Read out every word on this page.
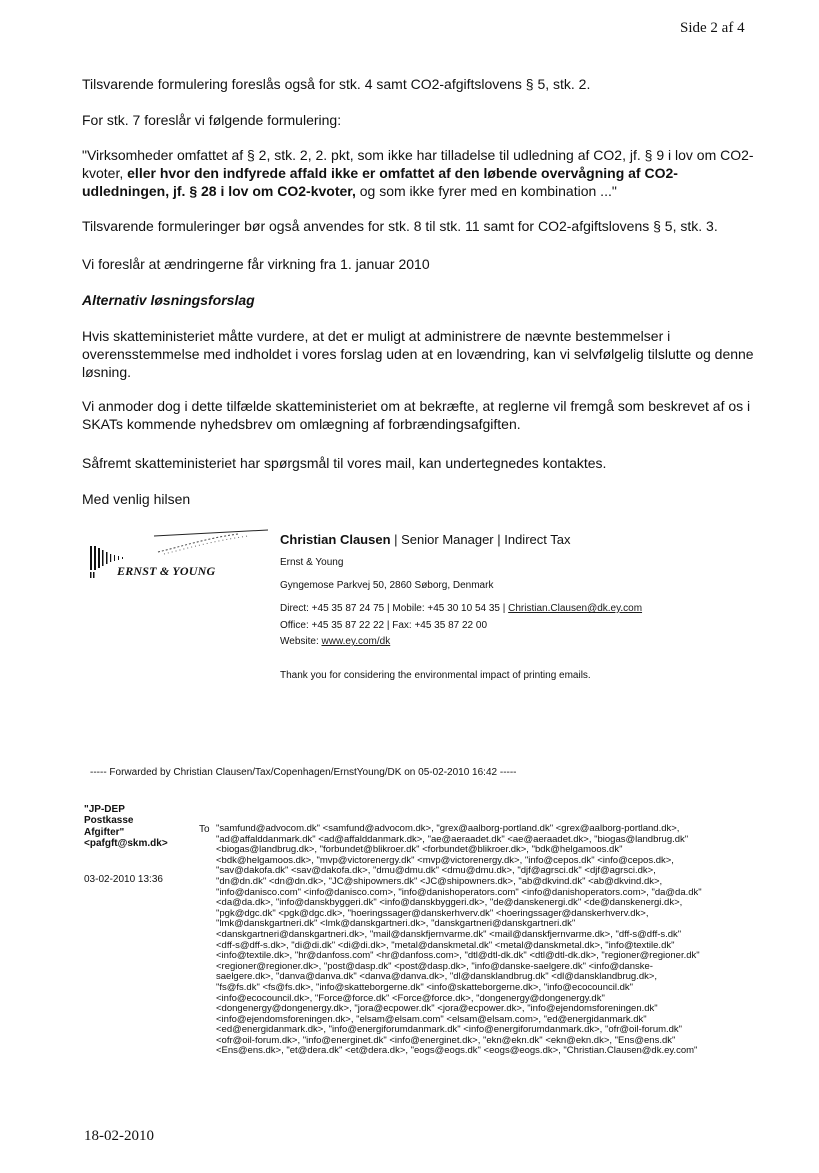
Side 2 af 4
Tilsvarende formulering foreslås også for stk. 4 samt CO2-afgiftslovens § 5, stk. 2.
For stk. 7 foreslår vi følgende formulering:
"Virksomheder omfattet af § 2, stk. 2, 2. pkt, som ikke har tilladelse til udledning af CO2, jf. § 9 i lov om CO2-kvoter, eller hvor den indfyrede affald ikke er omfattet af den løbende overvågning af CO2-udledningen, jf. § 28 i lov om CO2-kvoter, og som ikke fyrer med en kombination ..."
Tilsvarende formuleringer bør også anvendes for stk. 8 til stk. 11 samt for CO2-afgiftslovens § 5, stk. 3.
Vi foreslår at ændringerne får virkning fra 1. januar 2010
Alternativ løsningsforslag
Hvis skatteministeriet måtte vurdere, at det er muligt at administrere de nævnte bestemmelser i overensstemmelse med indholdet i vores forslag uden at en lovændring, kan vi selvfølgelig tilslutte og denne løsning.
Vi anmoder dog i dette tilfælde skatteministeriet om at bekræfte, at reglerne vil fremgå som beskrevet af os i SKATs kommende nyhedsbrev om omlægning af forbrændingsafgiften.
Såfremt skatteministeriet har spørgsmål til vores mail, kan undertegnedes kontaktes.
Med venlig hilsen
ERNST & YOUNG
Christian Clausen | Senior Manager | Indirect Tax
Ernst & Young
Gyngemose Parkvej 50, 2860 Søborg, Denmark
Direct: +45 35 87 24 75 | Mobile: +45 30 10 54 35 | Christian.Clausen@dk.ey.com
Office: +45 35 87 22 22 | Fax: +45 35 87 22 00
Website: www.ey.com/dk
Thank you for considering the environmental impact of printing emails.
----- Forwarded by Christian Clausen/Tax/Copenhagen/ErnstYoung/DK on 05-02-2010 16:42 -----
"JP-DEP
Postkasse
Afgifter"
<pafgft@skm.dk>
03-02-2010 13:36
To "samfund@advocom.dk" <samfund@advocom.dk>, "grex@aalborg-portland.dk" <grex@aalborg-portland.dk>,
"ad@affalddanmark.dk" <ad@affalddanmark.dk>, "ae@aeraadet.dk" <ae@aeraadet.dk>, "biogas@landbrug.dk"
<biogas@landbrug.dk>, "forbundet@blikroer.dk" <forbundet@blikroer.dk>, "bdk@helgamoos.dk"
<bdk@helgamoos.dk>, "mvp@victorenergy.dk" <mvp@victorenergy.dk>, "info@cepos.dk" <info@cepos.dk>,
"sav@dakofa.dk" <sav@dakofa.dk>, "dmu@dmu.dk" <dmu@dmu.dk>, "djf@agrsci.dk" <djf@agrsci.dk>,
"dn@dn.dk" <dn@dn.dk>, "JC@shipowners.dk" <JC@shipowners.dk>, "ab@dkvind.dk" <ab@dkvind.dk>,
"info@danisco.com" <info@danisco.com>, "info@danishoperators.com" <info@danishoperators.com>, "da@da.dk"
<da@da.dk>, "info@danskbyggeri.dk" <info@danskbyggeri.dk>, "de@danskenergi.dk" <de@danskenergi.dk>,
"pgk@dgc.dk" <pgk@dgc.dk>, "hoeringssager@danskerhverv.dk" <hoeringssager@danskerhverv.dk>,
"lmk@danskgartneri.dk" <lmk@danskgartneri.dk>, "danskgartneri@danskgartneri.dk"
<danskgartneri@danskgartneri.dk>, "mail@danskfjernvarme.dk" <mail@danskfjernvarme.dk>, "dff-s@dff-s.dk"
<dff-s@dff-s.dk>, "di@di.dk" <di@di.dk>, "metal@danskmetal.dk" <metal@danskmetal.dk>, "info@textile.dk"
<info@textile.dk>, "hr@danfoss.com" <hr@danfoss.com>, "dtl@dtl-dk.dk" <dtl@dtl-dk.dk>, "regioner@regioner.dk"
<regioner@regioner.dk>, "post@dasp.dk" <post@dasp.dk>, "info@danske-saelgere.dk" <info@danske-
saelgere.dk>, "danva@danva.dk" <danva@danva.dk>, "dl@dansklandbrug.dk" <dl@dansklandbrug.dk>,
"fs@fs.dk" <fs@fs.dk>, "info@skatteborgerne.dk" <info@skatteborgerne.dk>, "info@ecocouncil.dk"
<info@ecocouncil.dk>, "Force@force.dk" <Force@force.dk>, "dongenergy@dongenergy.dk"
<dongenergy@dongenergy.dk>, "jora@ecpower.dk" <jora@ecpower.dk>, "info@ejendomsforeningen.dk"
<info@ejendomsforeningen.dk>, "elsam@elsam.com" <elsam@elsam.com>, "ed@energidanmark.dk"
<ed@energidanmark.dk>, "info@energiforumdanmark.dk" <info@energiforumdanmark.dk>, "ofr@oil-forum.dk"
<ofr@oil-forum.dk>, "info@energinet.dk" <info@energinet.dk>, "ekn@ekn.dk" <ekn@ekn.dk>, "Ens@ens.dk"
<Ens@ens.dk>, "et@dera.dk" <et@dera.dk>, "eogs@eogs.dk" <eogs@eogs.dk>, "Christian.Clausen@dk.ey.com"
18-02-2010
